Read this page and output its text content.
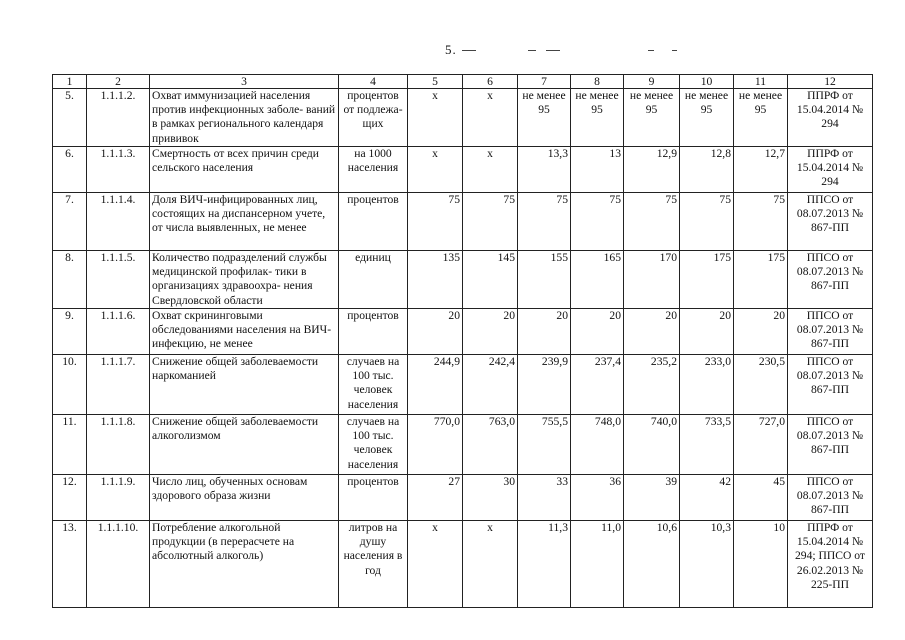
5.
1	2	3	4	5	6	7	8	9	10	11	12
5.	1.1.1.2.	Охват иммунизацией населения против инфекционных заболе- ваний в рамках регионального календаря прививок	процентов от подлежа- щих	x	x	не менее 95	не менее 95	не менее 95	не менее 95	не менее 95	ППРФ от 15.04.2014 № 294
6.	1.1.1.3.	Смертность от всех причин среди сельского населения	на 1000 населения	x	x	13,3	13	12,9	12,8	12,7	ППРФ от 15.04.2014 № 294
7.	1.1.1.4.	Доля ВИЧ-инфицированных лиц, состоящих на диспансерном учете, от числа выявленных, не менее	процентов	75	75	75	75	75	75	75	ППСО от 08.07.2013 № 867-ПП
8.	1.1.1.5.	Количество подразделений службы медицинской профилак- тики в организациях здравоохра- нения Свердловской области	единиц	135	145	155	165	170	175	175	ППСО от 08.07.2013 № 867-ПП
9.	1.1.1.6.	Охват скрининговыми обследованиями населения на ВИЧ-инфекцию, не менее	процентов	20	20	20	20	20	20	20	ППСО от 08.07.2013 № 867-ПП
10.	1.1.1.7.	Снижение общей заболеваемости наркоманией	случаев на 100 тыс. человек населения	244,9	242,4	239,9	237,4	235,2	233,0	230,5	ППСО от 08.07.2013 № 867-ПП
11.	1.1.1.8.	Снижение общей заболеваемости алкоголизмом	случаев на 100 тыс. человек населения	770,0	763,0	755,5	748,0	740,0	733,5	727,0	ППСО от 08.07.2013 № 867-ПП
12.	1.1.1.9.	Число лиц, обученных основам здорового образа жизни	процентов	27	30	33	36	39	42	45	ППСО от 08.07.2013 № 867-ПП
13.	1.1.1.10.	Потребление алкогольной продукции (в перерасчете на абсолютный алкоголь)	литров на душу населения в год	x	x	11,3	11,0	10,6	10,3	10	ППРФ от 15.04.2014 № 294; ППСО от 26.02.2013 № 225-ПП
